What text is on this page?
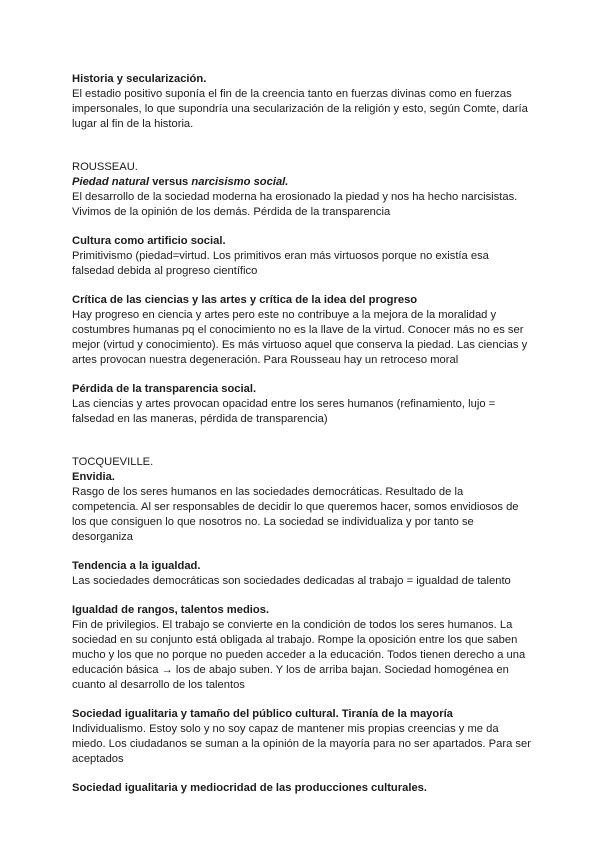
Historia y secularización.

El estadio positivo suponía el fin de la creencia tanto en fuerzas divinas como en fuerzas impersonales, lo que supondría una secularización de la religión y esto, según Comte, daría lugar al fin de la historia.

ROUSSEAU.
Piedad natural versus narcisismo social.

El desarrollo de la sociedad moderna ha erosionado la piedad y nos ha hecho narcisistas. Vivimos de la opinión de los demás. Pérdida de la transparencia

Cultura como artificio social.

Primitivismo (piedad=virtud. Los primitivos eran más virtuosos porque no existía esa falsedad debida al progreso científico

Crítica de las ciencias y las artes y crítica de la idea del progreso

Hay progreso en ciencia y artes pero este no contribuye a la mejora de la moralidad y costumbres humanas pq el conocimiento no es la llave de la virtud. Conocer más no es ser mejor (virtud y conocimiento). Es más virtuoso aquel que conserva la piedad. Las ciencias y artes provocan nuestra degeneración. Para Rousseau hay un retroceso moral

Pérdida de la transparencia social.

Las ciencias y artes provocan opacidad entre los seres humanos (refinamiento, lujo = falsedad en las maneras, pérdida de transparencia)

TOCQUEVILLE.
Envidia.

Rasgo de los seres humanos en las sociedades democráticas. Resultado de la competencia. Al ser responsables de decidir lo que queremos hacer, somos envidiosos de los que consiguen lo que nosotros no. La sociedad se individualiza y por tanto se desorganiza

Tendencia a la igualdad.

Las sociedades democráticas son sociedades dedicadas al trabajo = igualdad de talento

Igualdad de rangos, talentos medios.

Fin de privilegios. El trabajo se convierte en la condición de todos los seres humanos. La sociedad en su conjunto está obligada al trabajo. Rompe la oposición entre los que saben mucho y los que no porque no pueden acceder a la educación. Todos tienen derecho a una educación básica → los de abajo suben. Y los de arriba bajan. Sociedad homogénea en cuanto al desarrollo de los talentos

Sociedad igualitaria y tamaño del público cultural. Tiranía de la mayoría

Individualismo. Estoy solo y no soy capaz de mantener mis propias creencias y me da miedo. Los ciudadanos se suman a la opinión de la mayoría para no ser apartados. Para ser aceptados

Sociedad igualitaria y mediocridad de las producciones culturales.
